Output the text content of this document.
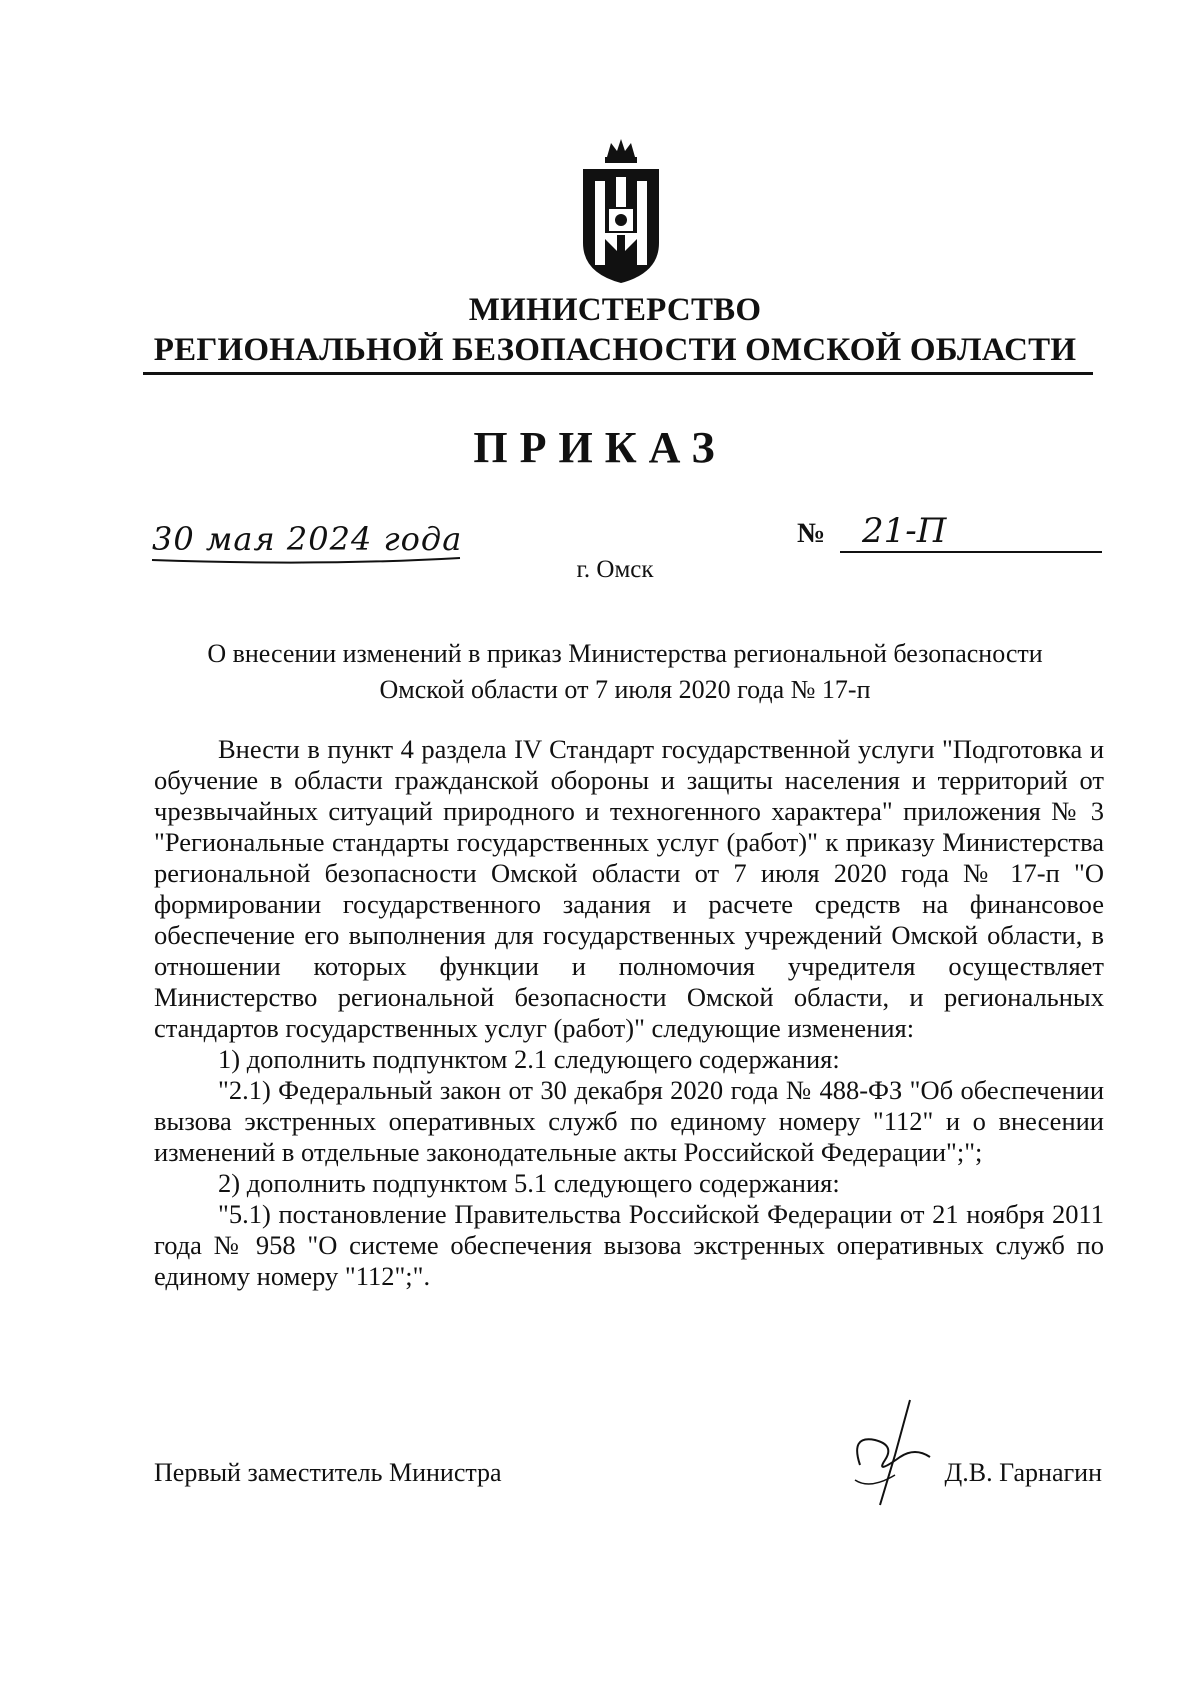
МИНИСТЕРСТВО
РЕГИОНАЛЬНОЙ БЕЗОПАСНОСТИ ОМСКОЙ ОБЛАСТИ
ПРИКАЗ
30 мая 2024 года	№ 21-П
г. Омск
О внесении изменений в приказ Министерства региональной безопасности
Омской области от 7 июля 2020 года № 17-п

Внести в пункт 4 раздела IV Стандарт государственной услуги "Подготовка и обучение в области гражданской обороны и защиты населения и территорий от чрезвычайных ситуаций природного и техногенного характера" приложения № 3 "Региональные стандарты государственных услуг (работ)" к приказу Министерства региональной безопасности Омской области от 7 июля 2020 года № 17-п "О формировании государственного задания и расчете средств на финансовое обеспечение его выполнения для государственных учреждений Омской области, в отношении которых функции и полномочия учредителя осуществляет Министерство региональной безопасности Омской области, и региональных стандартов государственных услуг (работ)" следующие изменения:

1) дополнить подпунктом 2.1 следующего содержания:

"2.1) Федеральный закон от 30 декабря 2020 года № 488-ФЗ "Об обеспечении вызова экстренных оперативных служб по единому номеру "112" и о внесении изменений в отдельные законодательные акты Российской Федерации";";

2) дополнить подпунктом 5.1 следующего содержания:

"5.1) постановление Правительства Российской Федерации от 21 ноября 2011 года № 958 "О системе обеспечения вызова экстренных оперативных служб по единому номеру "112";".

Первый заместитель Министра	Д.В. Гарнагин
